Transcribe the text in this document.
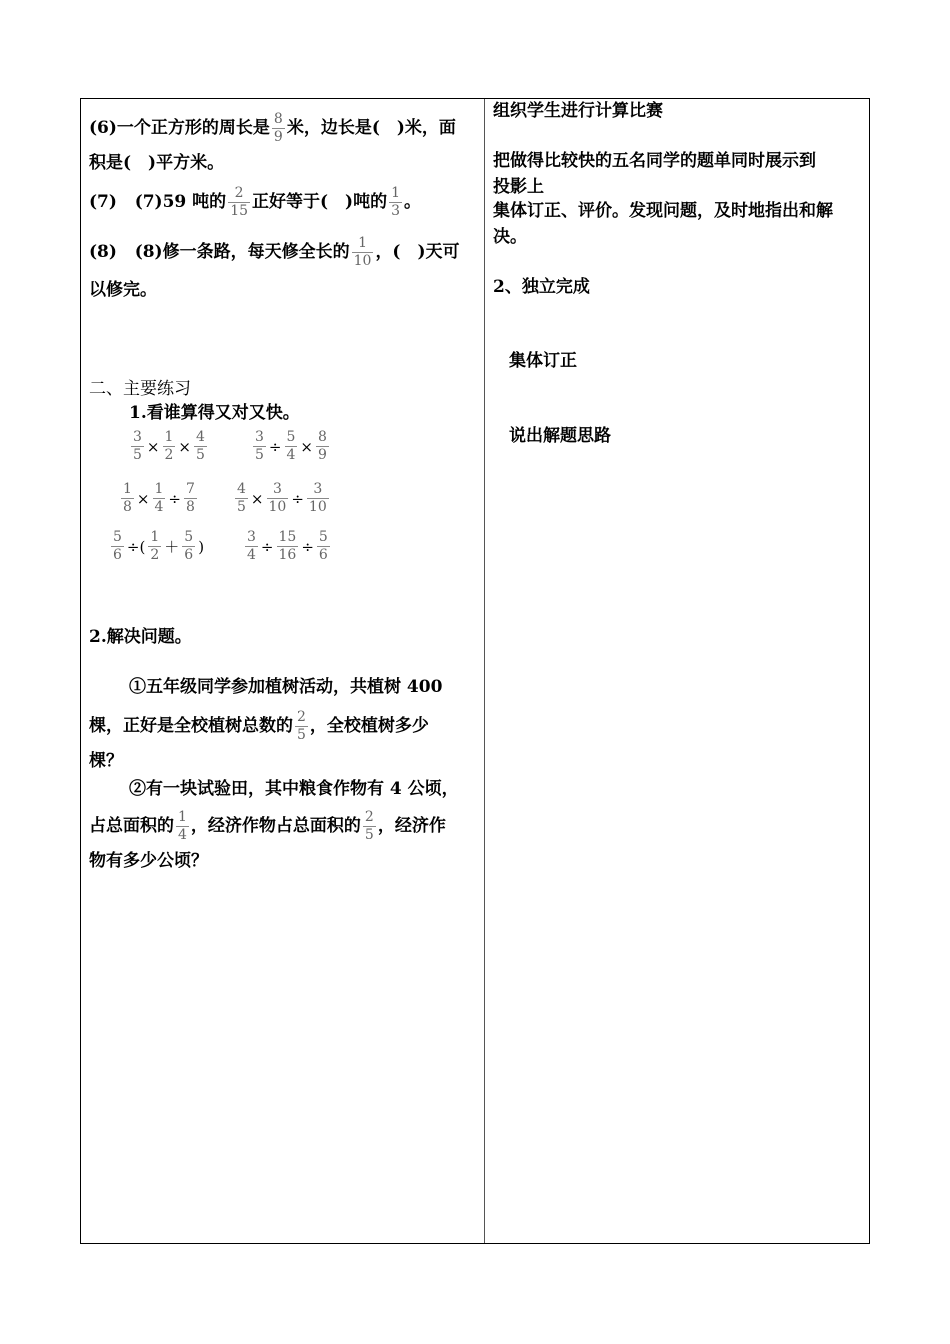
(6)一个正方形的周长是 $\frac{8}{9}$ 米，边长是(　)米，面
积是(　)平方米。
(7) (7)59 吨的 $\frac{2}{15}$ 正好等于(　)吨的 $\frac{1}{3}$ 。
(8) (8)修一条路，每天修全长的 $\frac{1}{10}$ ，(　)天可
以修完。
二、主要练习
1.看谁算得又对又快。
$\frac{3}{5} \times \frac{1}{2} \times \frac{4}{5}$	$\frac{3}{5} \div \frac{5}{4} \times \frac{8}{9}$
$\frac{1}{8} \times \frac{1}{4} \div \frac{7}{8}$	$\frac{4}{5} \times \frac{3}{10} \div \frac{3}{10}$
$\frac{5}{6}$ ÷( $\frac{1}{2} + \frac{5}{6}$ )	$\frac{3}{4} \div \frac{15}{16} \div \frac{5}{6}$
2.解决问题。
①五年级同学参加植树活动，共植树 400
棵，正好是全校植树总数的 $\frac{2}{5}$ ，全校植树多少
棵？
②有一块试验田，其中粮食作物有 4 公顷，
占总面积的 $\frac{1}{4}$ ，经济作物占总面积的 $\frac{2}{5}$ ，经济作
物有多少公顷？
组织学生进行计算比赛
把做得比较快的五名同学的题单同时展示到
投影上
集体订正、评价。发现问题，及时地指出和解
决。
2、独立完成
集体订正
说出解题思路
